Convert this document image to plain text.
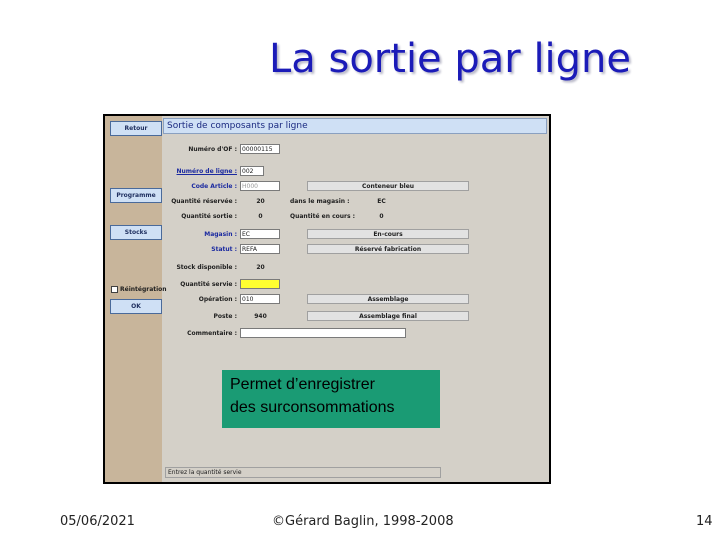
La sortie par ligne
Retour
Programme
Stocks
Réintégration
OK
Sortie de composants par ligne
Numéro d'OF : 00000115
Numéro de ligne : 002
Code Article : H000	Conteneur bleu
Quantité réservée :	20	dans le magasin :	EC
Quantité sortie :	0	Quantité en cours :	0
Magasin : EC	En-cours
Statut : REFA	Réservé fabrication
Stock disponible :	20
Quantité servie :
Opération : 010	Assemblage
Poste :	940	Assemblage final
Commentaire :
Entrez la quantité servie
Permet d’enregistrer
des surconsommations
05/06/2021	©Gérard Baglin, 1998-2008	14
